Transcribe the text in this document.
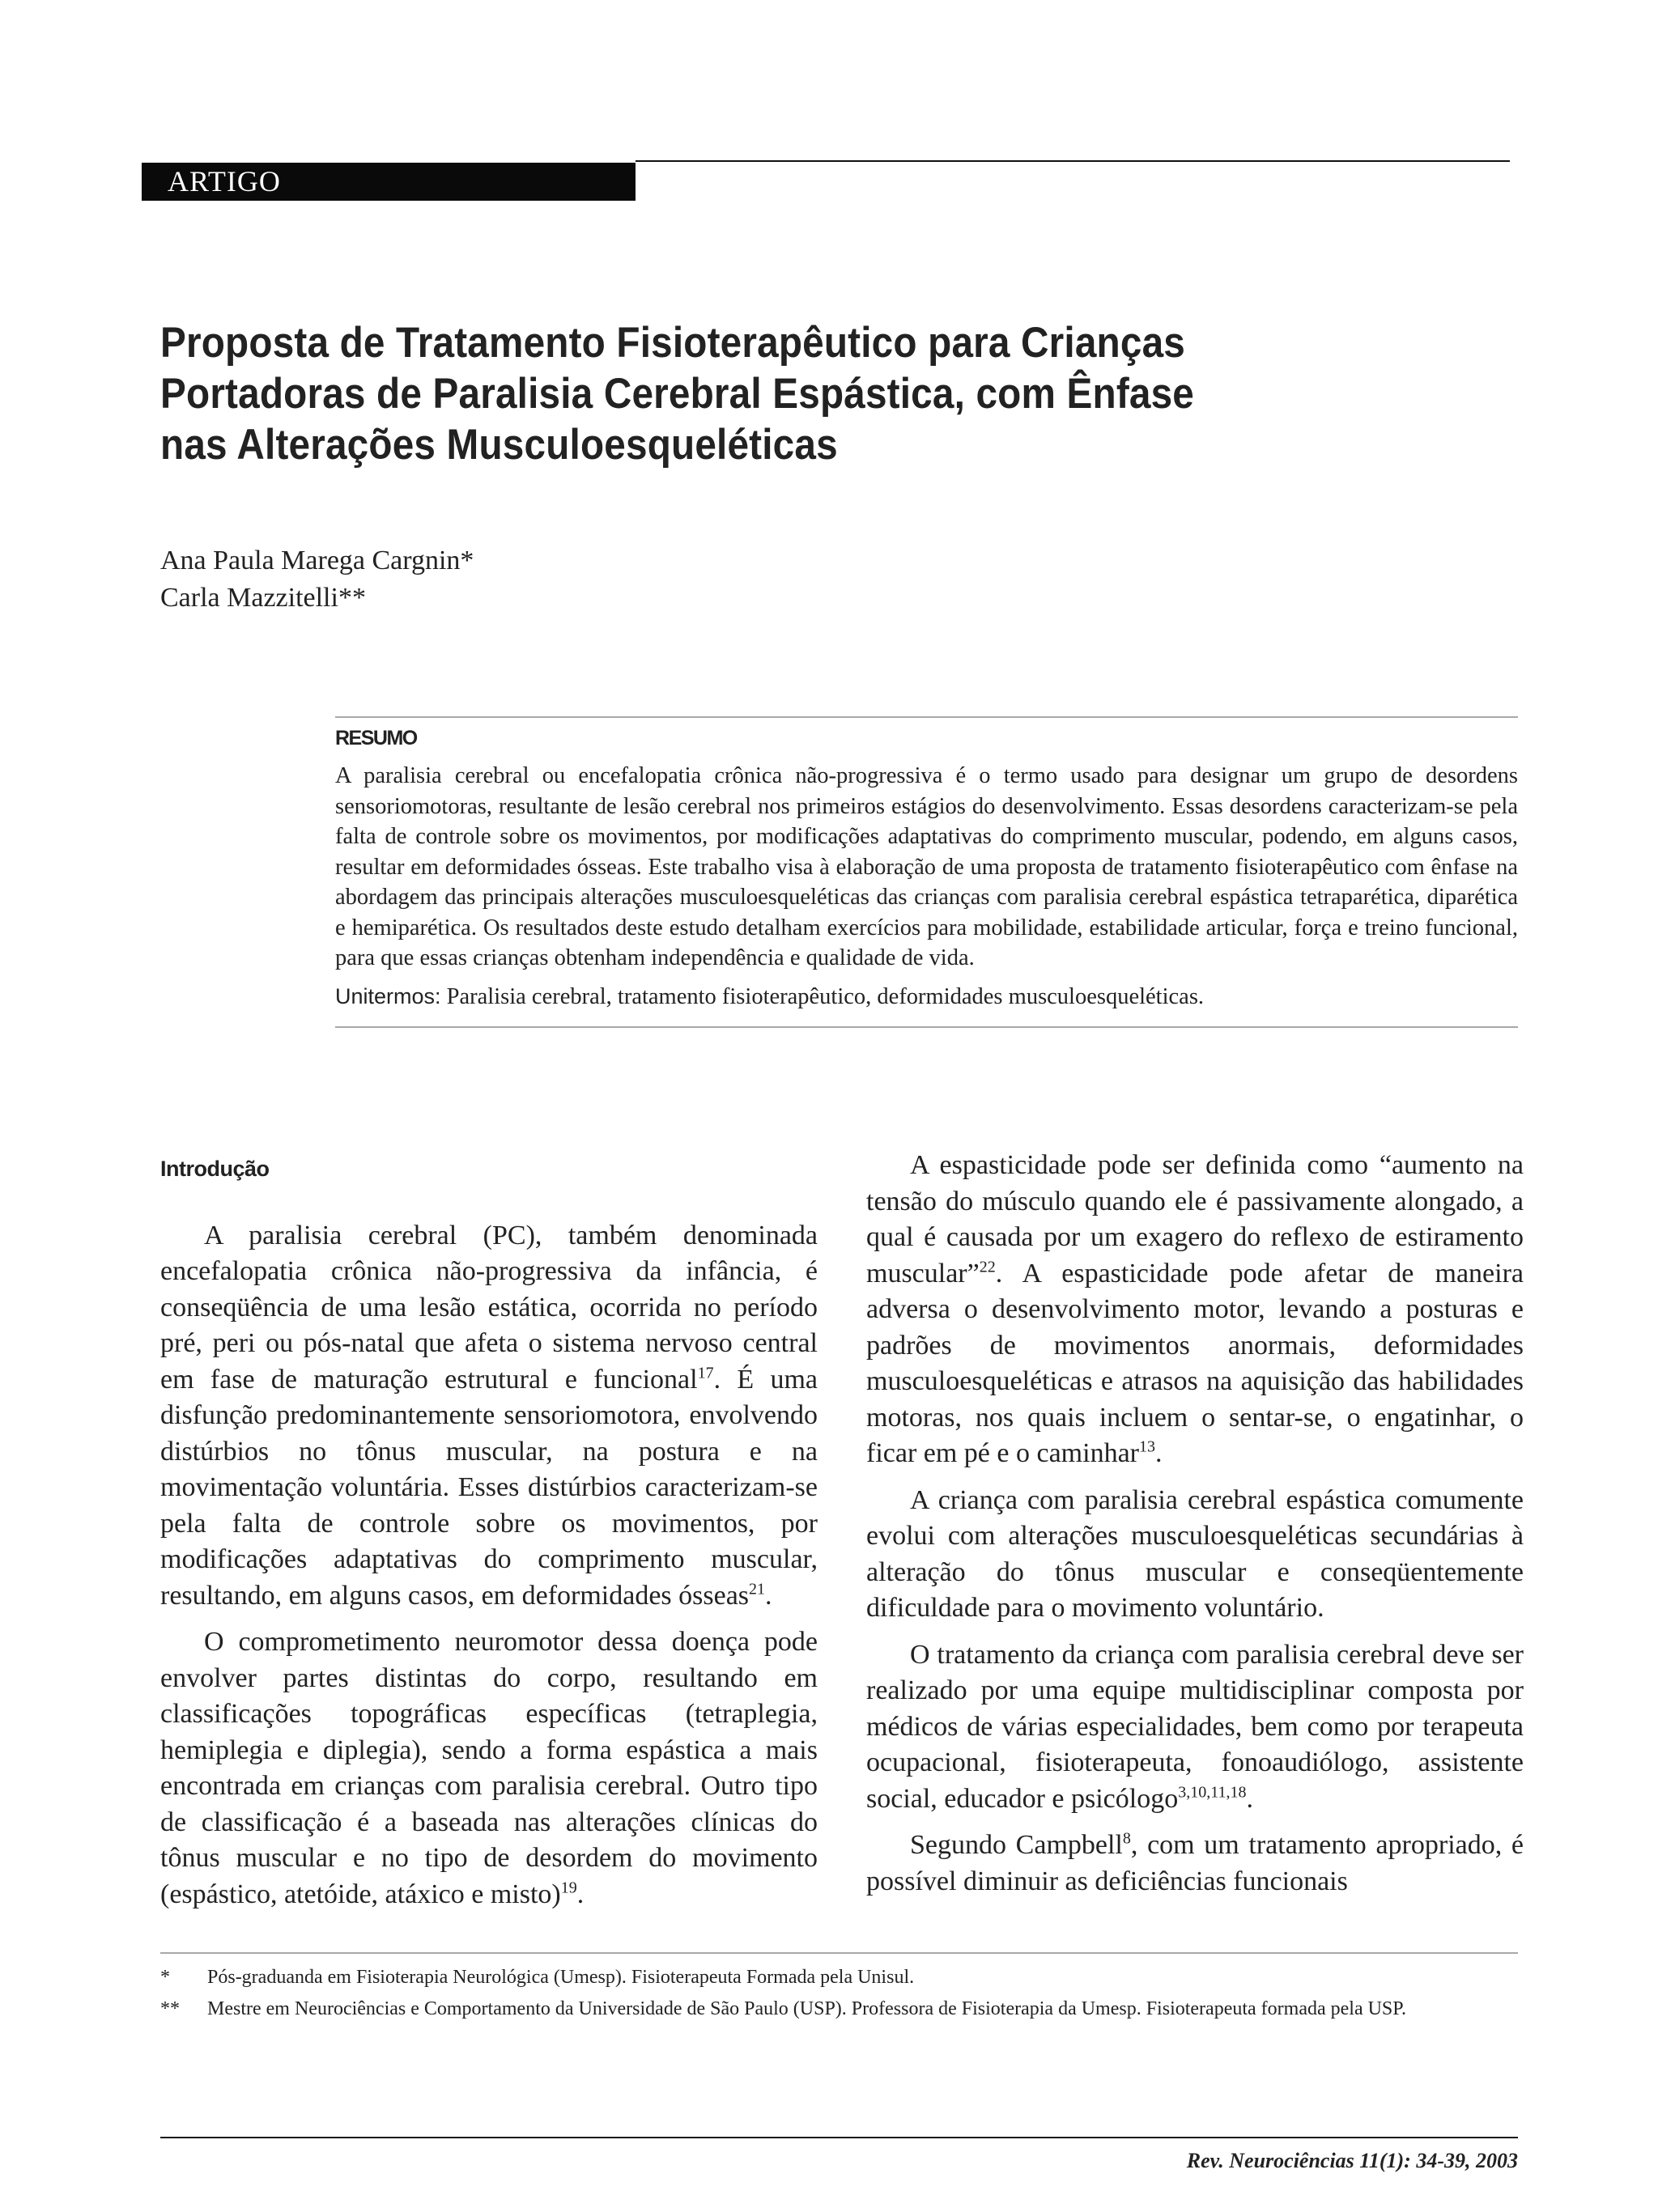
ARTIGO
Proposta de Tratamento Fisioterapêutico para Crianças
Portadoras de Paralisia Cerebral Espástica, com Ênfase
nas Alterações Musculoesqueléticas
Ana Paula Marega Cargnin*
Carla Mazzitelli**
RESUMO

A paralisia cerebral ou encefalopatia crônica não-progressiva é o termo usado para designar um grupo de desordens sensoriomotoras, resultante de lesão cerebral nos primeiros estágios do desenvolvimento. Essas desordens caracterizam-se pela falta de controle sobre os movimentos, por modificações adaptativas do comprimento muscular, podendo, em alguns casos, resultar em deformidades ósseas. Este trabalho visa à elaboração de uma proposta de tratamento fisioterapêutico com ênfase na abordagem das principais alterações musculoesqueléticas das crianças com paralisia cerebral espástica tetraparética, diparética e hemiparética. Os resultados deste estudo detalham exercícios para mobilidade, estabilidade articular, força e treino funcional, para que essas crianças obtenham independência e qualidade de vida.

Unitermos: Paralisia cerebral, tratamento fisioterapêutico, deformidades musculoesqueléticas.
Introdução

A paralisia cerebral (PC), também denominada encefalopatia crônica não-progressiva da infância, é conseqüência de uma lesão estática, ocorrida no período pré, peri ou pós-natal que afeta o sistema nervoso central em fase de maturação estrutural e funcional$^{17}$. É uma disfunção predominantemente sensoriomotora, envolvendo distúrbios no tônus muscular, na postura e na movimentação voluntária. Esses distúrbios caracterizam-se pela falta de controle sobre os movimentos, por modificações adaptativas do comprimento muscular, resultando, em alguns casos, em deformidades ósseas$^{21}$.

O comprometimento neuromotor dessa doença pode envolver partes distintas do corpo, resultando em classificações topográficas específicas (tetraplegia, hemiplegia e diplegia), sendo a forma espástica a mais encontrada em crianças com paralisia cerebral. Outro tipo de classificação é a baseada nas alterações clínicas do tônus muscular e no tipo de desordem do movimento (espástico, atetóide, atáxico e misto)$^{19}$.

A espasticidade pode ser definida como “aumento na tensão do músculo quando ele é passivamente alongado, a qual é causada por um exagero do reflexo de estiramento muscular”$^{22}$. A espasticidade pode afetar de maneira adversa o desenvolvimento motor, levando a posturas e padrões de movimentos anormais, deformidades musculoesqueléticas e atrasos na aquisição das habilidades motoras, nos quais incluem o sentar-se, o engatinhar, o ficar em pé e o caminhar$^{13}$.

A criança com paralisia cerebral espástica comumente evolui com alterações musculoesqueléticas secundárias à alteração do tônus muscular e conseqüentemente dificuldade para o movimento voluntário.

O tratamento da criança com paralisia cerebral deve ser realizado por uma equipe multidisciplinar composta por médicos de várias especialidades, bem como por terapeuta ocupacional, fisioterapeuta, fonoaudiólogo, assistente social, educador e psicólogo$^{3,10,11,18}$.

Segundo Campbell$^8$, com um tratamento apropriado, é possível diminuir as deficiências funcionais

*	Pós-graduanda em Fisioterapia Neurológica (Umesp). Fisioterapeuta Formada pela Unisul.
**	Mestre em Neurociências e Comportamento da Universidade de São Paulo (USP). Professora de Fisioterapia da Umesp. Fisioterapeuta formada pela USP.
Rev. Neurociências 11(1): 34-39, 2003
